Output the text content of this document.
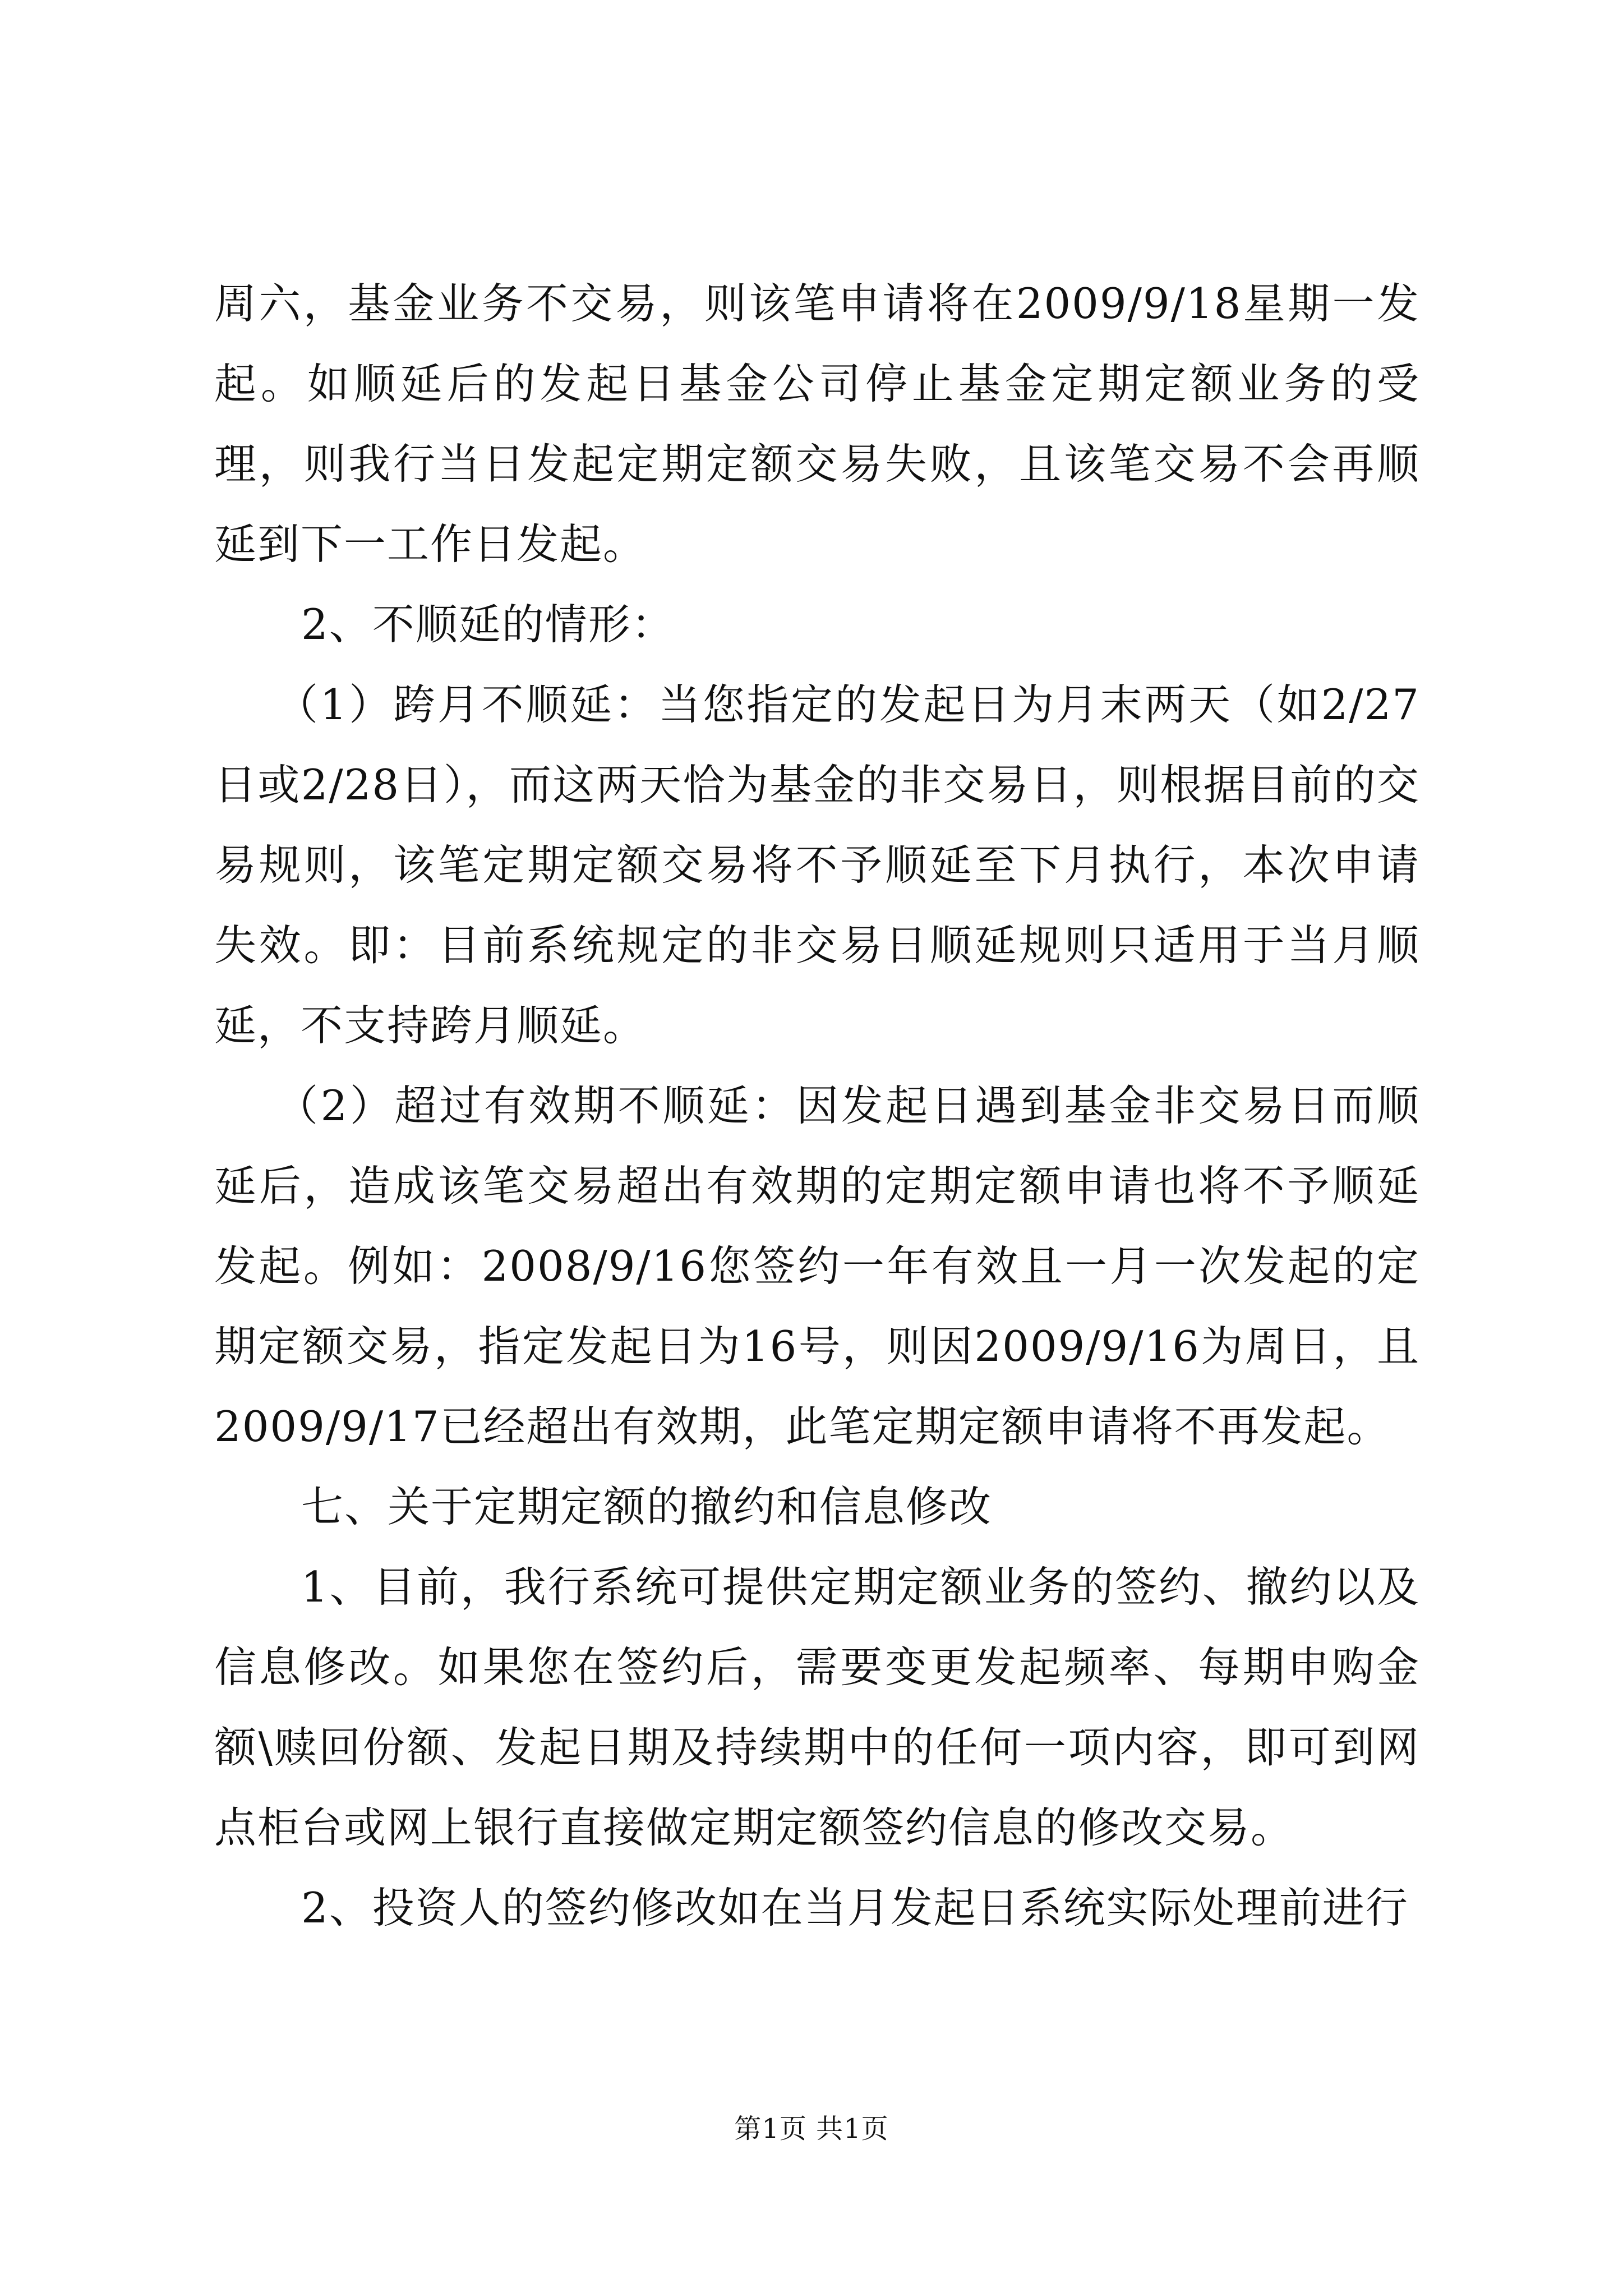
周六，基金业务不交易，则该笔申请将在2009/9/18星期一发起。如顺延后的发起日基金公司停止基金定期定额业务的受理，则我行当日发起定期定额交易失败，且该笔交易不会再顺延到下一工作日发起。

2、不顺延的情形：

（1）跨月不顺延：当您指定的发起日为月末两天（如2/27日或2/28日），而这两天恰为基金的非交易日，则根据目前的交易规则，该笔定期定额交易将不予顺延至下月执行，本次申请失效。即：目前系统规定的非交易日顺延规则只适用于当月顺延，不支持跨月顺延。

（2）超过有效期不顺延：因发起日遇到基金非交易日而顺延后，造成该笔交易超出有效期的定期定额申请也将不予顺延发起。例如：2008/9/16您签约一年有效且一月一次发起的定期定额交易，指定发起日为16号，则因2009/9/16为周日，且2009/9/17已经超出有效期，此笔定期定额申请将不再发起。

七、关于定期定额的撤约和信息修改

1、目前，我行系统可提供定期定额业务的签约、撤约以及信息修改。如果您在签约后，需要变更发起频率、每期申购金额\赎回份额、发起日期及持续期中的任何一项内容，即可到网点柜台或网上银行直接做定期定额签约信息的修改交易。

2、投资人的签约修改如在当月发起日系统实际处理前进行

第1页 共1页
